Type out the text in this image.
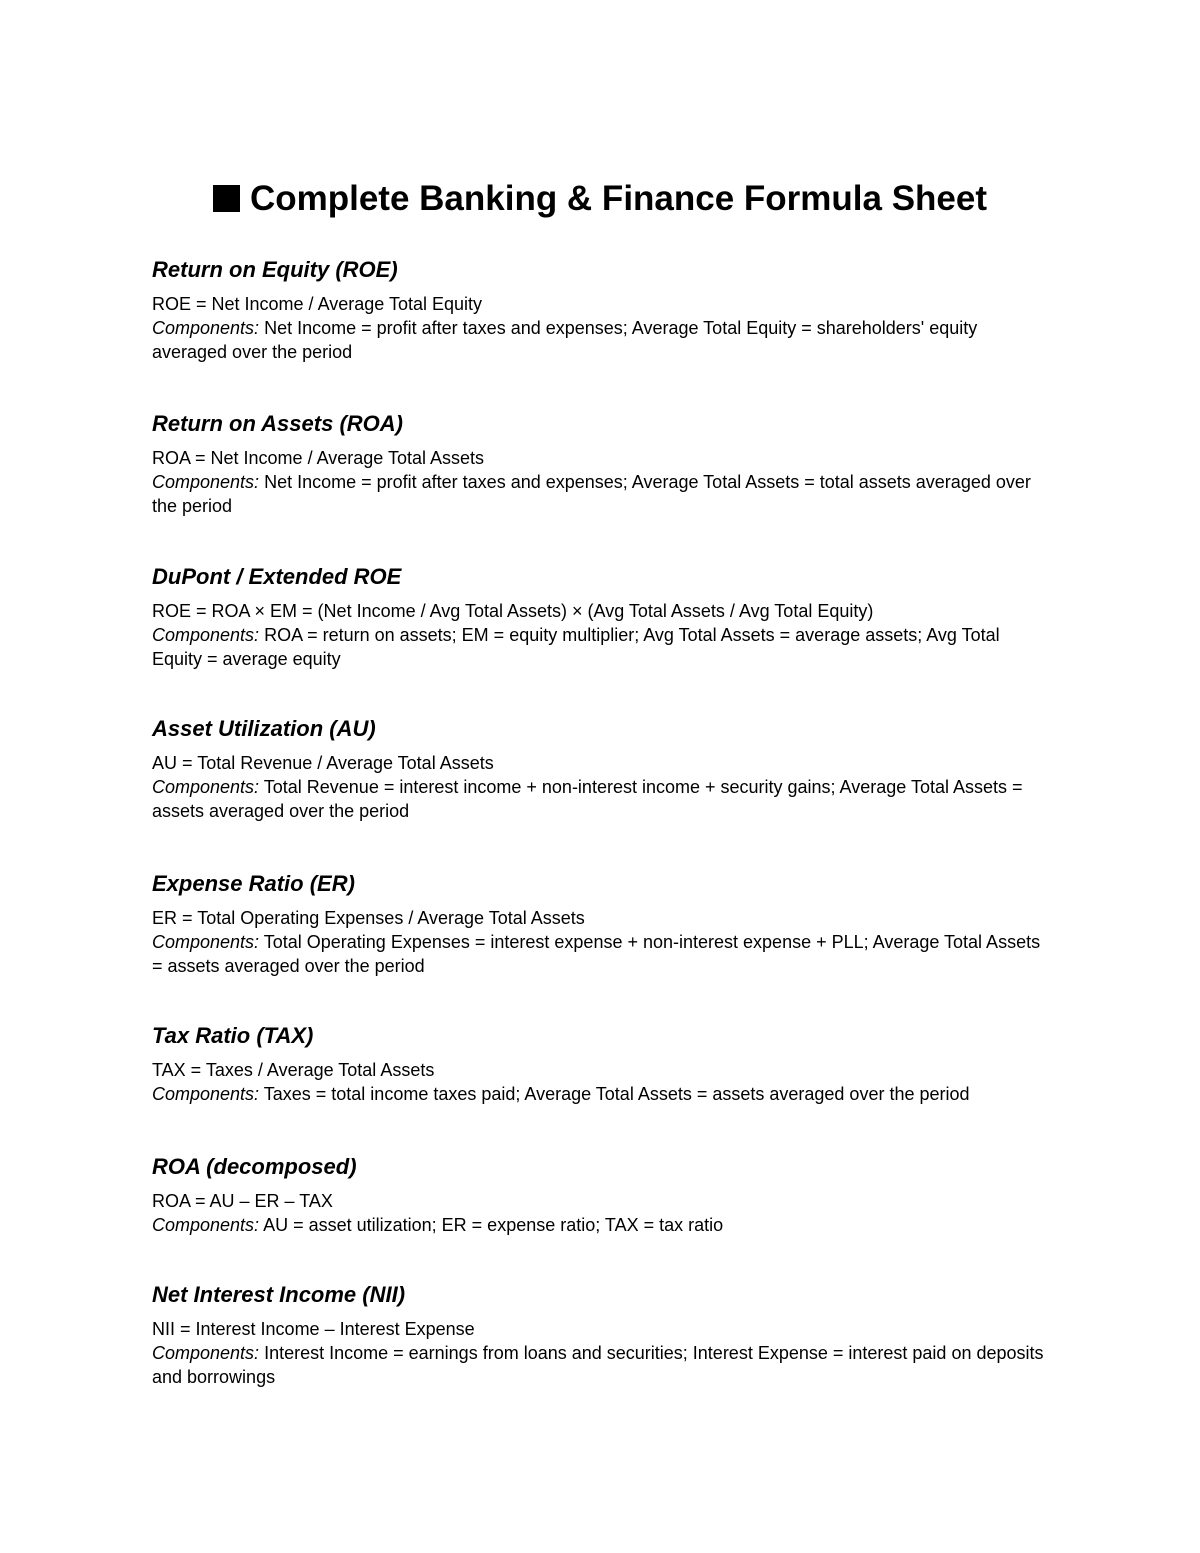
Complete Banking & Finance Formula Sheet
Return on Equity (ROE)

ROE = Net Income / Average Total Equity

Components: Net Income = profit after taxes and expenses; Average Total Equity = shareholders' equity averaged over the period

Return on Assets (ROA)

ROA = Net Income / Average Total Assets

Components: Net Income = profit after taxes and expenses; Average Total Assets = total assets averaged over the period

DuPont / Extended ROE

ROE = ROA × EM = (Net Income / Avg Total Assets) × (Avg Total Assets / Avg Total Equity)

Components: ROA = return on assets; EM = equity multiplier; Avg Total Assets = average assets; Avg Total Equity = average equity

Asset Utilization (AU)

AU = Total Revenue / Average Total Assets

Components: Total Revenue = interest income + non-interest income + security gains; Average Total Assets = assets averaged over the period

Expense Ratio (ER)

ER = Total Operating Expenses / Average Total Assets

Components: Total Operating Expenses = interest expense + non-interest expense + PLL; Average Total Assets = assets averaged over the period

Tax Ratio (TAX)

TAX = Taxes / Average Total Assets

Components: Taxes = total income taxes paid; Average Total Assets = assets averaged over the period

ROA (decomposed)

ROA = AU – ER – TAX

Components: AU = asset utilization; ER = expense ratio; TAX = tax ratio

Net Interest Income (NII)

NII = Interest Income – Interest Expense

Components: Interest Income = earnings from loans and securities; Interest Expense = interest paid on deposits and borrowings
